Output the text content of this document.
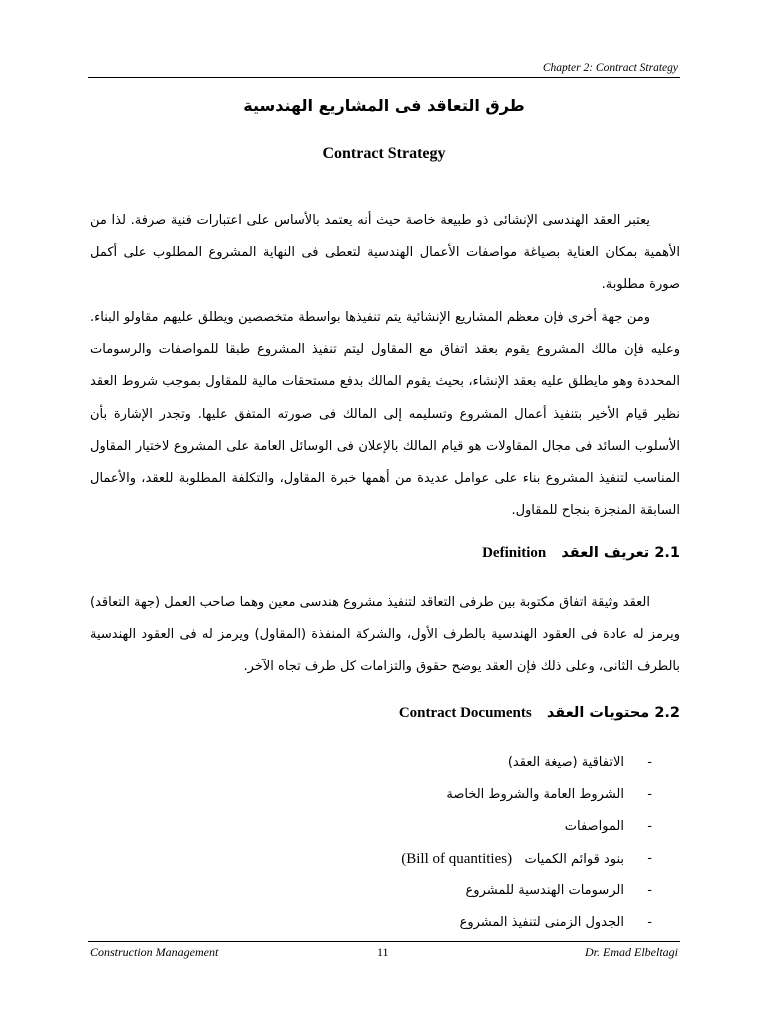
Chapter 2: Contract Strategy
طرق التعاقد فى المشاريع الهندسية
Contract Strategy
يعتبر العقد الهندسى الإنشائى ذو طبيعة خاصة حيث أنه يعتمد بالأساس على اعتبارات فنية صرفة. لذا من الأهمية بمكان العناية بصياغة مواصفات الأعمال الهندسية لتعطى فى النهاية المشروع المطلوب على أكمل صورة مطلوبة.
ومن جهة أخرى فإن معظم المشاريع الإنشائية يتم تنفيذها بواسطة متخصصين ويطلق عليهم مقاولو البناء. وعليه فإن مالك المشروع يقوم بعقد اتفاق مع المقاول ليتم تنفيذ المشروع طبقا للمواصفات والرسومات المحددة وهو مايطلق عليه بعقد الإنشاء، بحيث يقوم المالك بدفع مستحقات مالية للمقاول بموجب شروط العقد نظير قيام الأخير بتنفيذ أعمال المشروع وتسليمه إلى المالك فى صورته المتفق عليها. وتجدر الإشارة بأن الأسلوب السائد فى مجال المقاولات هو قيام المالك بالإعلان فى الوسائل العامة على المشروع لاختيار المقاول المناسب لتنفيذ المشروع بناء على عوامل عديدة من أهمها خبرة المقاول، والتكلفة المطلوبة للعقد، والأعمال السابقة المنجزة بنجاح للمقاول.
2.1 تعريف العقد   Definition
العقد وثيقة اتفاق مكتوبة بين طرفى التعاقد لتنفيذ مشروع هندسى معين وهما صاحب العمل (جهة التعاقد) ويرمز له عادة فى العقود الهندسية بالطرف الأول، والشركة المنفذة (المقاول) ويرمز له فى العقود الهندسية بالطرف الثانى، وعلى ذلك فإن العقد يوضح حقوق والتزامات كل طرف تجاه الآخر.
2.2 محتويات العقد   Contract Documents
-
الاتفاقية (صيغة العقد)
-
الشروط العامة والشروط الخاصة
-
المواصفات
-
بنود قوائم الكميات   (Bill of quantities)
-
الرسومات الهندسية للمشروع
-
الجدول الزمنى لتنفيذ المشروع
Construction Management	11	Dr. Emad Elbeltagi
